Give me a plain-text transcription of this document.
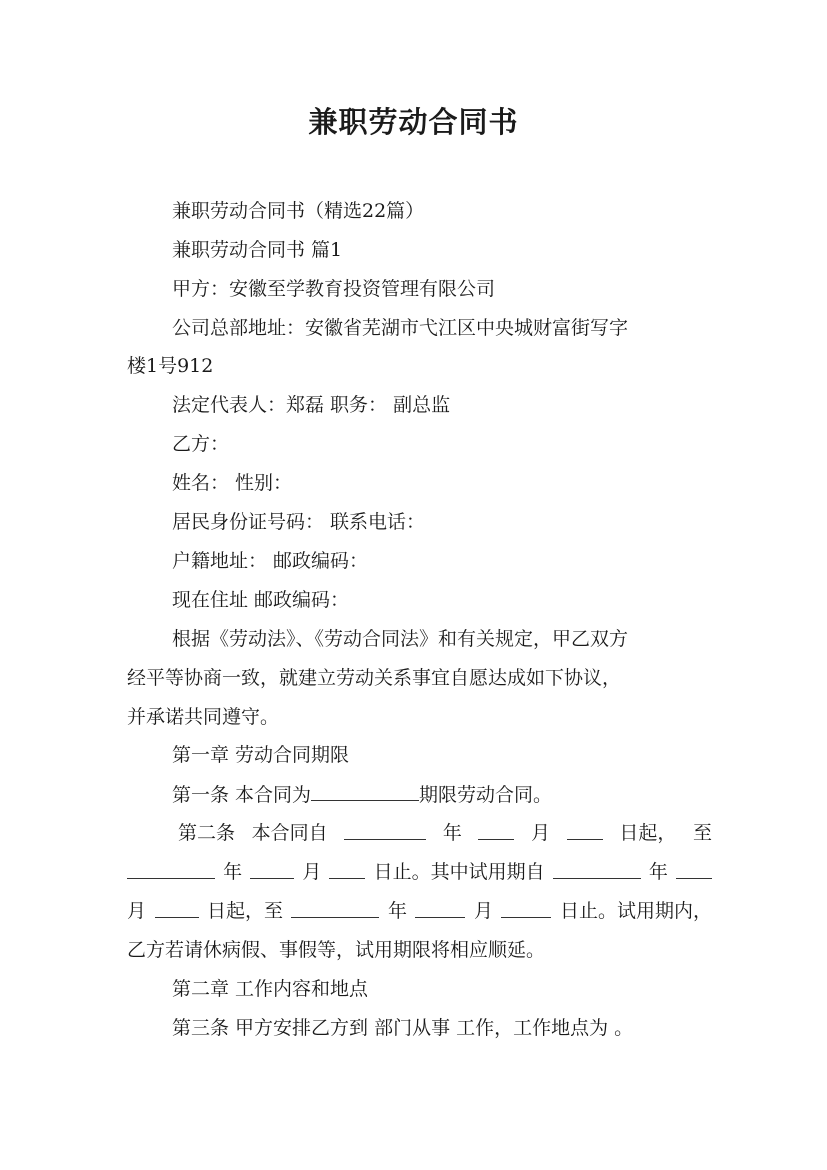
兼职劳动合同书
兼职劳动合同书（精选22篇）
兼职劳动合同书 篇1
甲方：安徽至学教育投资管理有限公司
公司总部地址：安徽省芜湖市弋江区中央城财富街写字
楼1号912
法定代表人：郑磊 职务： 副总监
乙方：
姓名： 性别：
居民身份证号码： 联系电话：
户籍地址： 邮政编码：
现在住址 邮政编码：
根据《劳动法》、《劳动合同法》和有关规定，甲乙双方
经平等协商一致，就建立劳动关系事宜自愿达成如下协议，
并承诺共同遵守。
第一章 劳动合同期限
第一条 本合同为	期限劳动合同。
第二条 本合同自	年	月	日起， 至
年	月	日止。其中试用期自	年
月	日起，至	年	月	日止。试用期内，
乙方若请休病假、事假等，试用期限将相应顺延。
第二章 工作内容和地点
第三条 甲方安排乙方到 部门从事 工作，工作地点为 。
